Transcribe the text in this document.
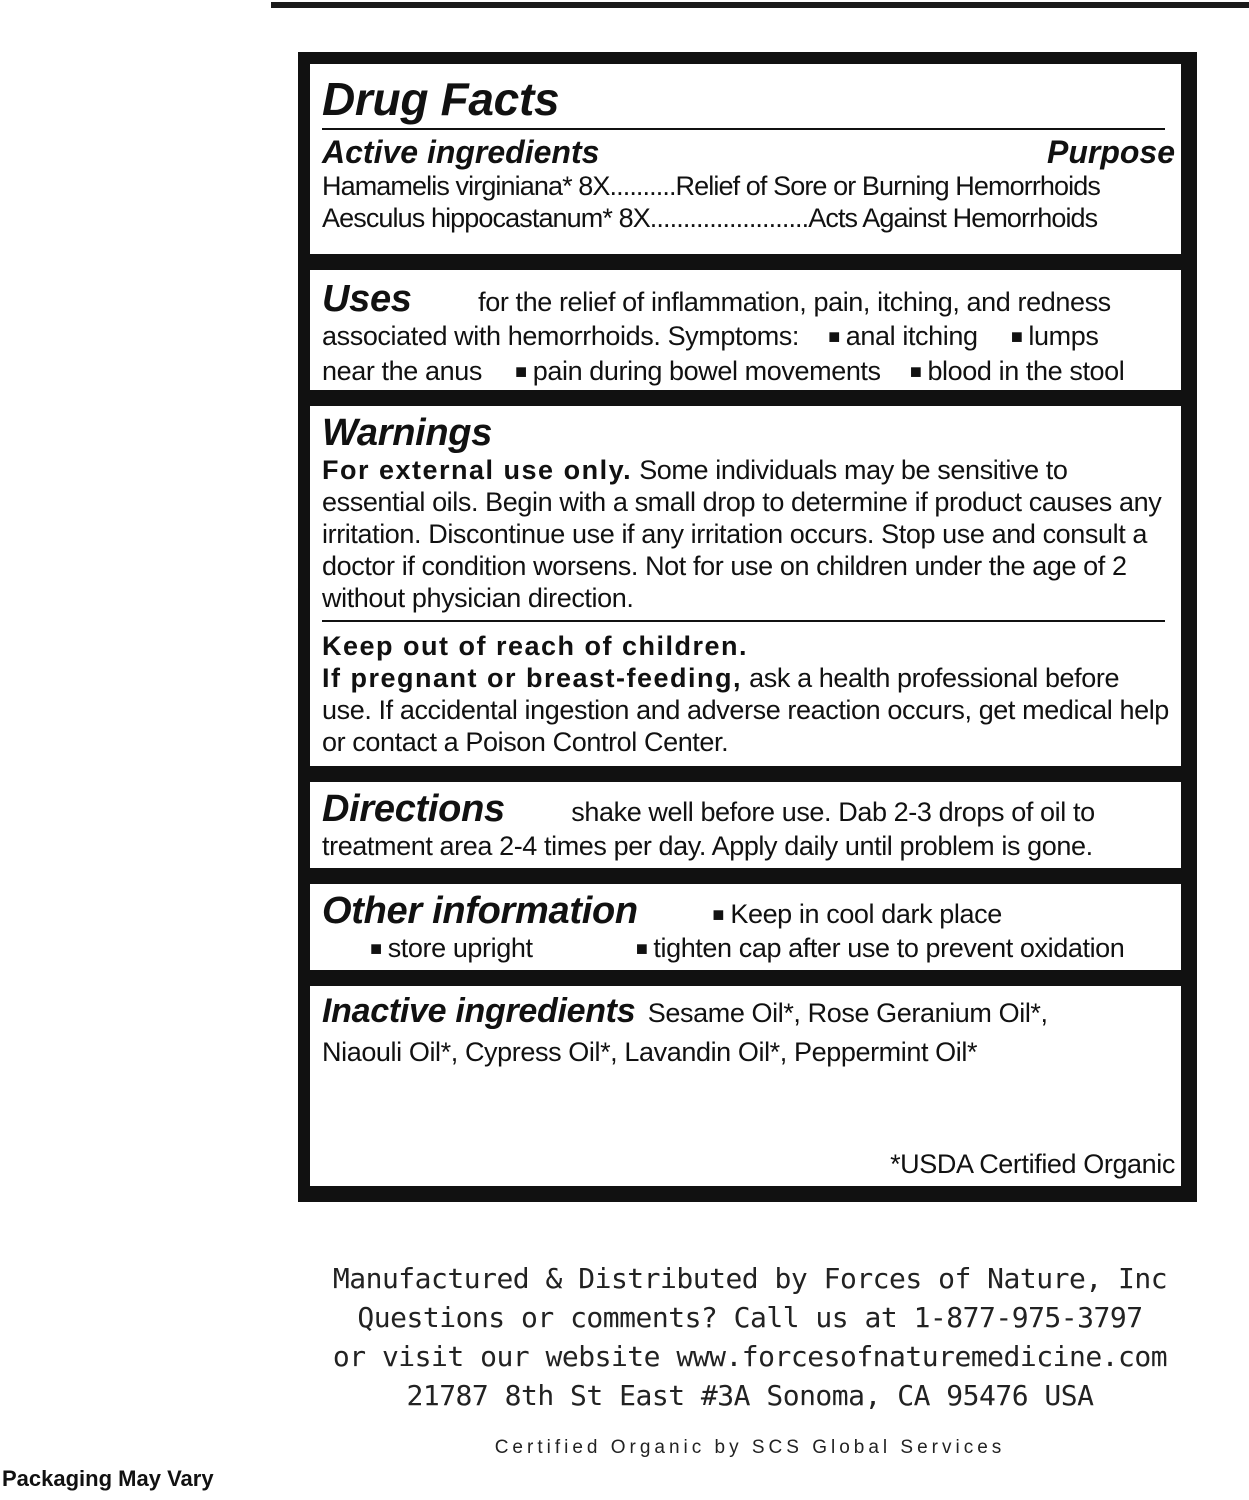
Drug Facts
Active ingredients	Purpose
Hamamelis virginiana* 8X..........Relief of Sore or Burning Hemorrhoids
Aesculus hippocastanum* 8X........................Acts Against Hemorrhoids
Uses for the relief of inflammation, pain, itching, and redness
associated with hemorrhoids. Symptoms: ■ anal itching ■ lumps
near the anus ■ pain during bowel movements ■ blood in the stool
Warnings
For external use only. Some individuals may be sensitive to essential oils. Begin with a small drop to determine if product causes any irritation. Discontinue use if any irritation occurs. Stop use and consult a doctor if condition worsens. Not for use on children under the age of 2 without physician direction.
Keep out of reach of children.
If pregnant or breast-feeding, ask a health professional before use. If accidental ingestion and adverse reaction occurs, get medical help or contact a Poison Control Center.
Directions shake well before use. Dab 2-3 drops of oil to
treatment area 2-4 times per day. Apply daily until problem is gone.
Other information	■ Keep in cool dark place
■ store upright	■ tighten cap after use to prevent oxidation
Inactive ingredients Sesame Oil*, Rose Geranium Oil*,
Niaouli Oil*, Cypress Oil*, Lavandin Oil*, Peppermint Oil*
*USDA Certified Organic
Manufactured & Distributed by Forces of Nature, Inc
Questions or comments? Call us at 1-877-975-3797
or visit our website www.forcesofnaturemedicine.com
21787 8th St East #3A Sonoma, CA 95476 USA
Certified Organic by SCS Global Services
Packaging May Vary
